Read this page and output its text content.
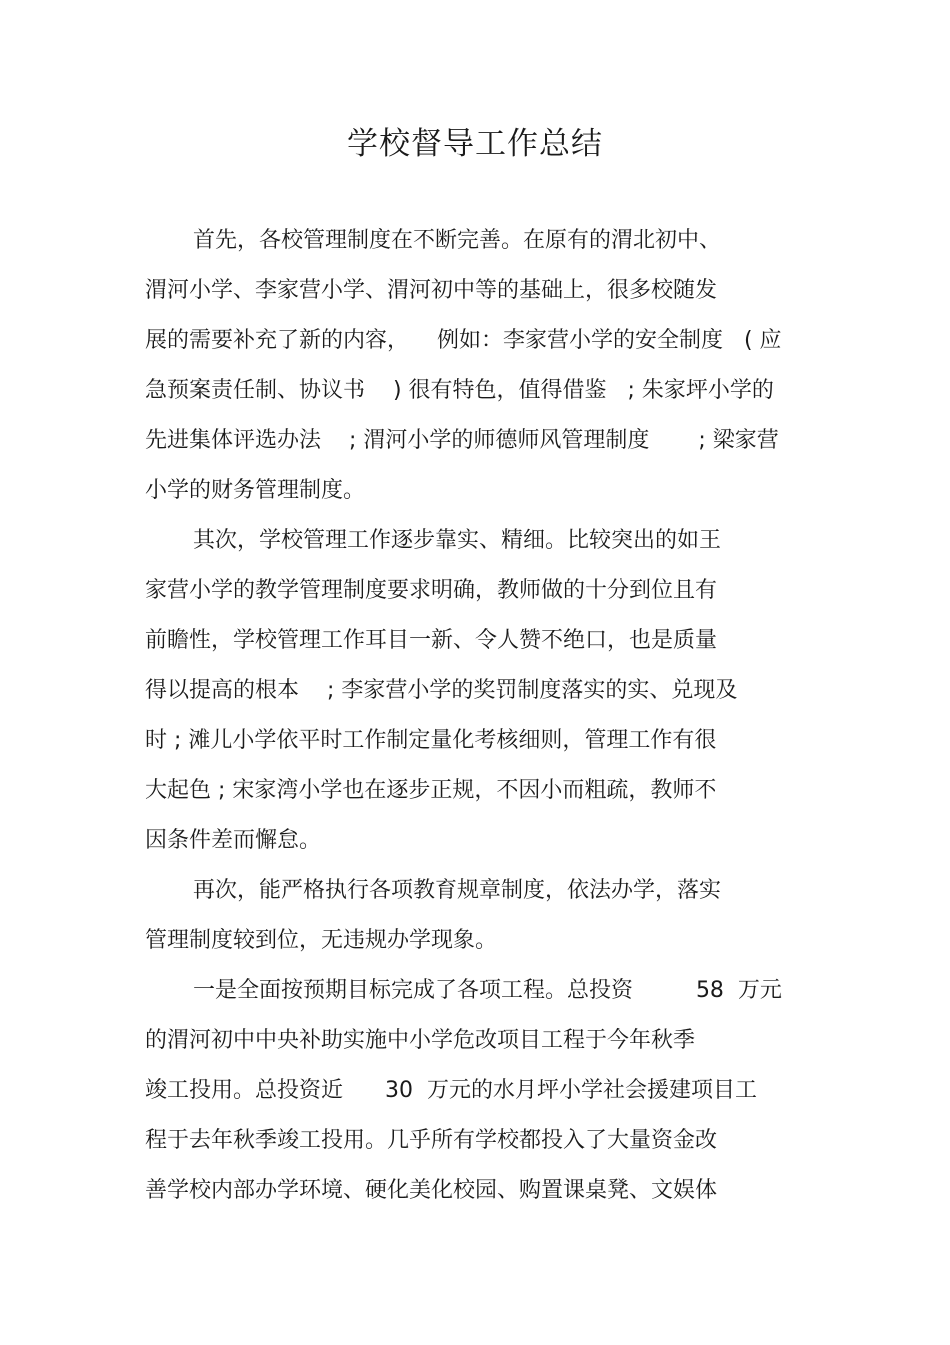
学校督导工作总结
首先，各校管理制度在不断完善。在原有的渭北初中、
渭河小学、李家营小学、渭河初中等的基础上，很多校随发
展的需要补充了新的内容，    例如：李家营小学的安全制度   ( 应
急预案责任制、协议书    ) 很有特色，值得借鉴   ; 朱家坪小学的
先进集体评选办法    ; 渭河小学的师德师风管理制度       ; 梁家营
小学的财务管理制度。
其次，学校管理工作逐步靠实、精细。比较突出的如王
家营小学的教学管理制度要求明确，教师做的十分到位且有
前瞻性，学校管理工作耳目一新、令人赞不绝口，也是质量
得以提高的根本    ; 李家营小学的奖罚制度落实的实、兑现及
时 ; 滩儿小学依平时工作制定量化考核细则，管理工作有很
大起色 ; 宋家湾小学也在逐步正规，不因小而粗疏，教师不
因条件差而懈怠。
再次，能严格执行各项教育规章制度，依法办学，落实
管理制度较到位，无违规办学现象。
一是全面按预期目标完成了各项工程。总投资         58  万元
的渭河初中中央补助实施中小学危改项目工程于今年秋季
竣工投用。总投资近      30  万元的水月坪小学社会援建项目工
程于去年秋季竣工投用。几乎所有学校都投入了大量资金改
善学校内部办学环境、硬化美化校园、购置课桌凳、文娱体
